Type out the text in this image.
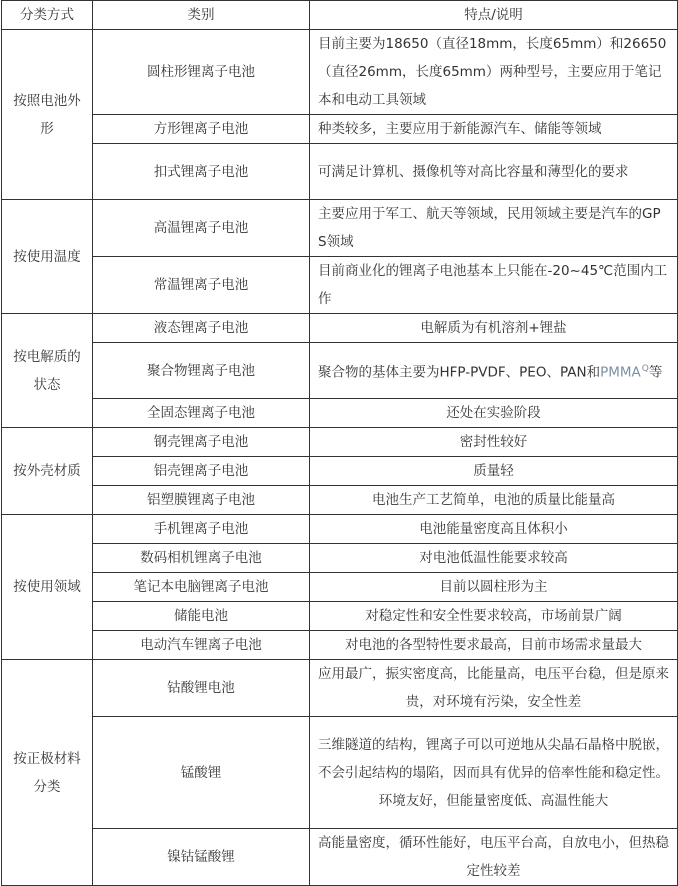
分类方式	类别	特点/说明
按照电池外形	圆柱形锂离子电池	目前主要为18650（直径18mm，长度65mm）和26650（直径26mm，长度65mm）两种型号，主要应用于笔记本和电动工具领域
	方形锂离子电池	种类较多，主要应用于新能源汽车、储能等领域
	扣式锂离子电池	可满足计算机、摄像机等对高比容量和薄型化的要求
按使用温度	高温锂离子电池	主要应用于军工、航天等领域，民用领域主要是汽车的GPS领域
	常温锂离子电池	目前商业化的锂离子电池基本上只能在-20~45℃范围内工作
按电解质的状态	液态锂离子电池	电解质为有机溶剂+锂盐
	聚合物锂离子电池	聚合物的基体主要为HFP-PVDF、PEO、PAN和$PMMA^Q$等
	全固态锂离子电池	还处在实验阶段
按外壳材质	钢壳锂离子电池	密封性较好
	铝壳锂离子电池	质量轻
	铝塑膜锂离子电池	电池生产工艺简单，电池的质量比能量高
按使用领域	手机锂离子电池	电池能量密度高且体积小
	数码相机锂离子电池	对电池低温性能要求较高
	笔记本电脑锂离子电池	目前以圆柱形为主
	储能电池	对稳定性和安全性要求较高，市场前景广阔
	电动汽车锂离子电池	对电池的各型特性要求最高，目前市场需求量最大
按正极材料分类	钴酸锂电池	应用最广，振实密度高，比能量高，电压平台稳，但是原来贵，对环境有污染，安全性差
	锰酸锂	三维隧道的结构，锂离子可以可逆地从尖晶石晶格中脱嵌，不会引起结构的塌陷，因而具有优异的倍率性能和稳定性。环境友好，但能量密度低、高温性能大
	镍钴锰酸锂	高能量密度，循环性能好，电压平台高，自放电小，但热稳定性较差
